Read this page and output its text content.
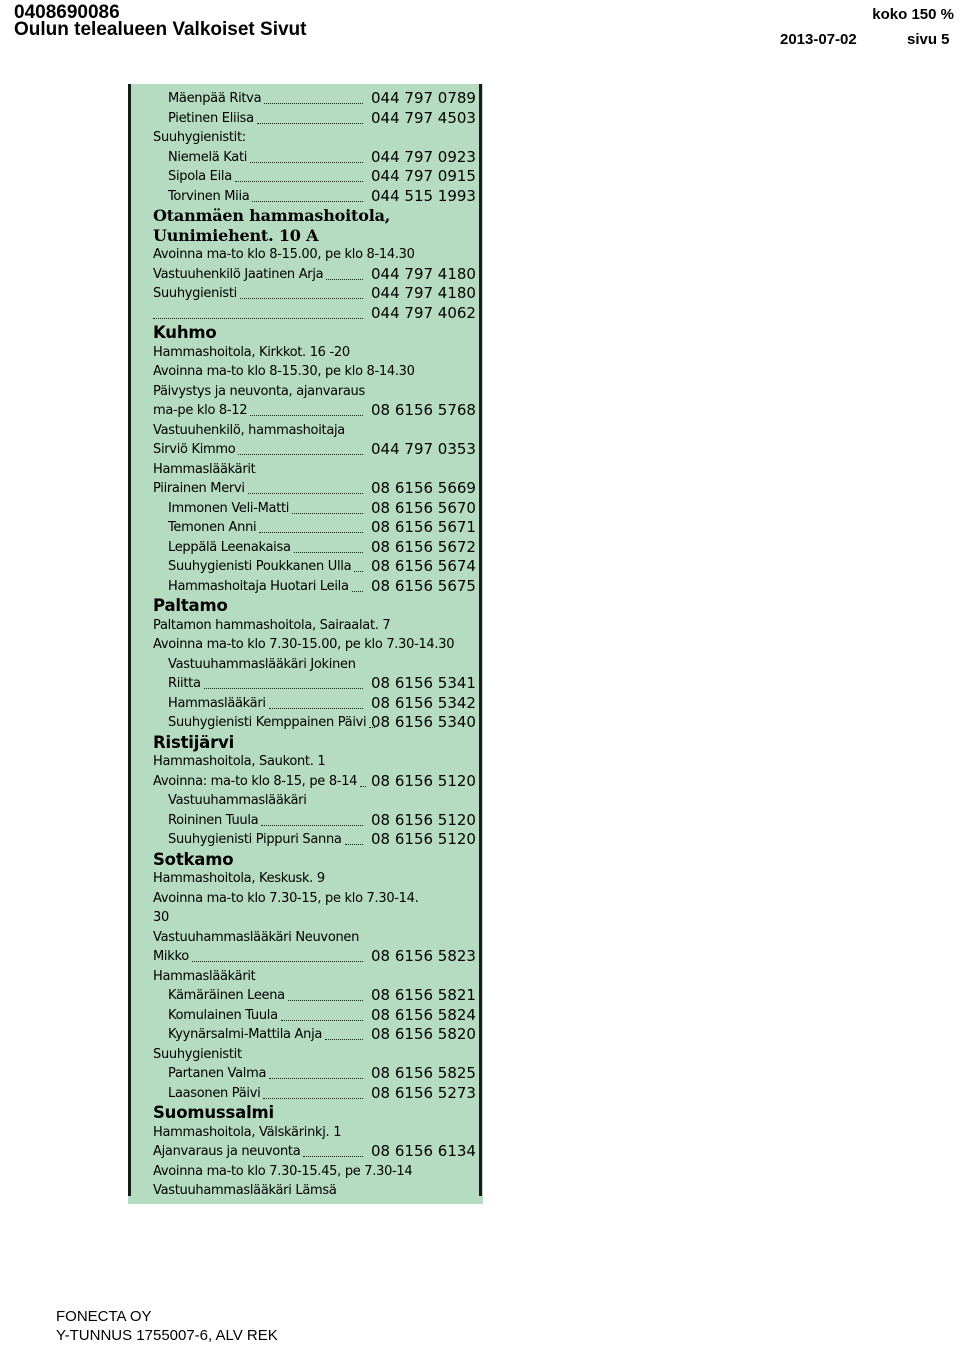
0408690086
Oulun telealueen Valkoiset Sivut
koko 150 %
2013-07-02	sivu 5
Mäenpää Ritva	044 797 0789
Pietinen Eliisa	044 797 4503
Suuhygienistit:
Niemelä Kati	044 797 0923
Sipola Eila	044 797 0915
Torvinen Miia	044 515 1993
Otanmäen hammashoitola,
Uunimiehent. 10 A
Avoinna ma-to klo 8-15.00, pe klo 8-14.30
Vastuuhenkilö Jaatinen Arja	044 797 4180
Suuhygienisti	044 797 4180
044 797 4062
Kuhmo
Hammashoitola, Kirkkot. 16 -20
Avoinna ma-to klo 8-15.30, pe klo 8-14.30
Päivystys ja neuvonta, ajanvaraus
ma-pe klo 8-12	08 6156 5768
Vastuuhenkilö, hammashoitaja
Sirviö Kimmo	044 797 0353
Hammaslääkärit
Piirainen Mervi	08 6156 5669
Immonen Veli-Matti	08 6156 5670
Temonen Anni	08 6156 5671
Leppälä Leenakaisa	08 6156 5672
Suuhygienisti Poukkanen Ulla 08 6156 5674
Hammashoitaja Huotari Leila 08 6156 5675
Paltamo
Paltamon hammashoitola, Sairaalat. 7
Avoinna ma-to klo 7.30-15.00, pe klo 7.30-14.30
Vastuuhammaslääkäri Jokinen
Riitta	08 6156 5341
Hammaslääkäri	08 6156 5342
Suuhygienisti Kemppainen Päivi 08 6156 5340
Ristijärvi
Hammashoitola, Saukont. 1
Avoinna: ma-to klo 8-15, pe 8-14 08 6156 5120
Vastuuhammaslääkäri
Roininen Tuula	08 6156 5120
Suuhygienisti Pippuri Sanna 08 6156 5120
Sotkamo
Hammashoitola, Keskusk. 9
Avoinna ma-to klo 7.30-15, pe klo 7.30-14.
30
Vastuuhammaslääkäri Neuvonen
Mikko	08 6156 5823
Hammaslääkärit
Kämäräinen Leena	08 6156 5821
Komulainen Tuula	08 6156 5824
Kyynärsalmi-Mattila Anja	08 6156 5820
Suuhygienistit
Partanen Valma	08 6156 5825
Laasonen Päivi	08 6156 5273
Suomussalmi
Hammashoitola, Välskärinkj. 1
Ajanvaraus ja neuvonta	08 6156 6134
Avoinna ma-to klo 7.30-15.45, pe 7.30-14
Vastuuhammaslääkäri Lämsä
FONECTA OY
Y-TUNNUS 1755007-6, ALV REK
